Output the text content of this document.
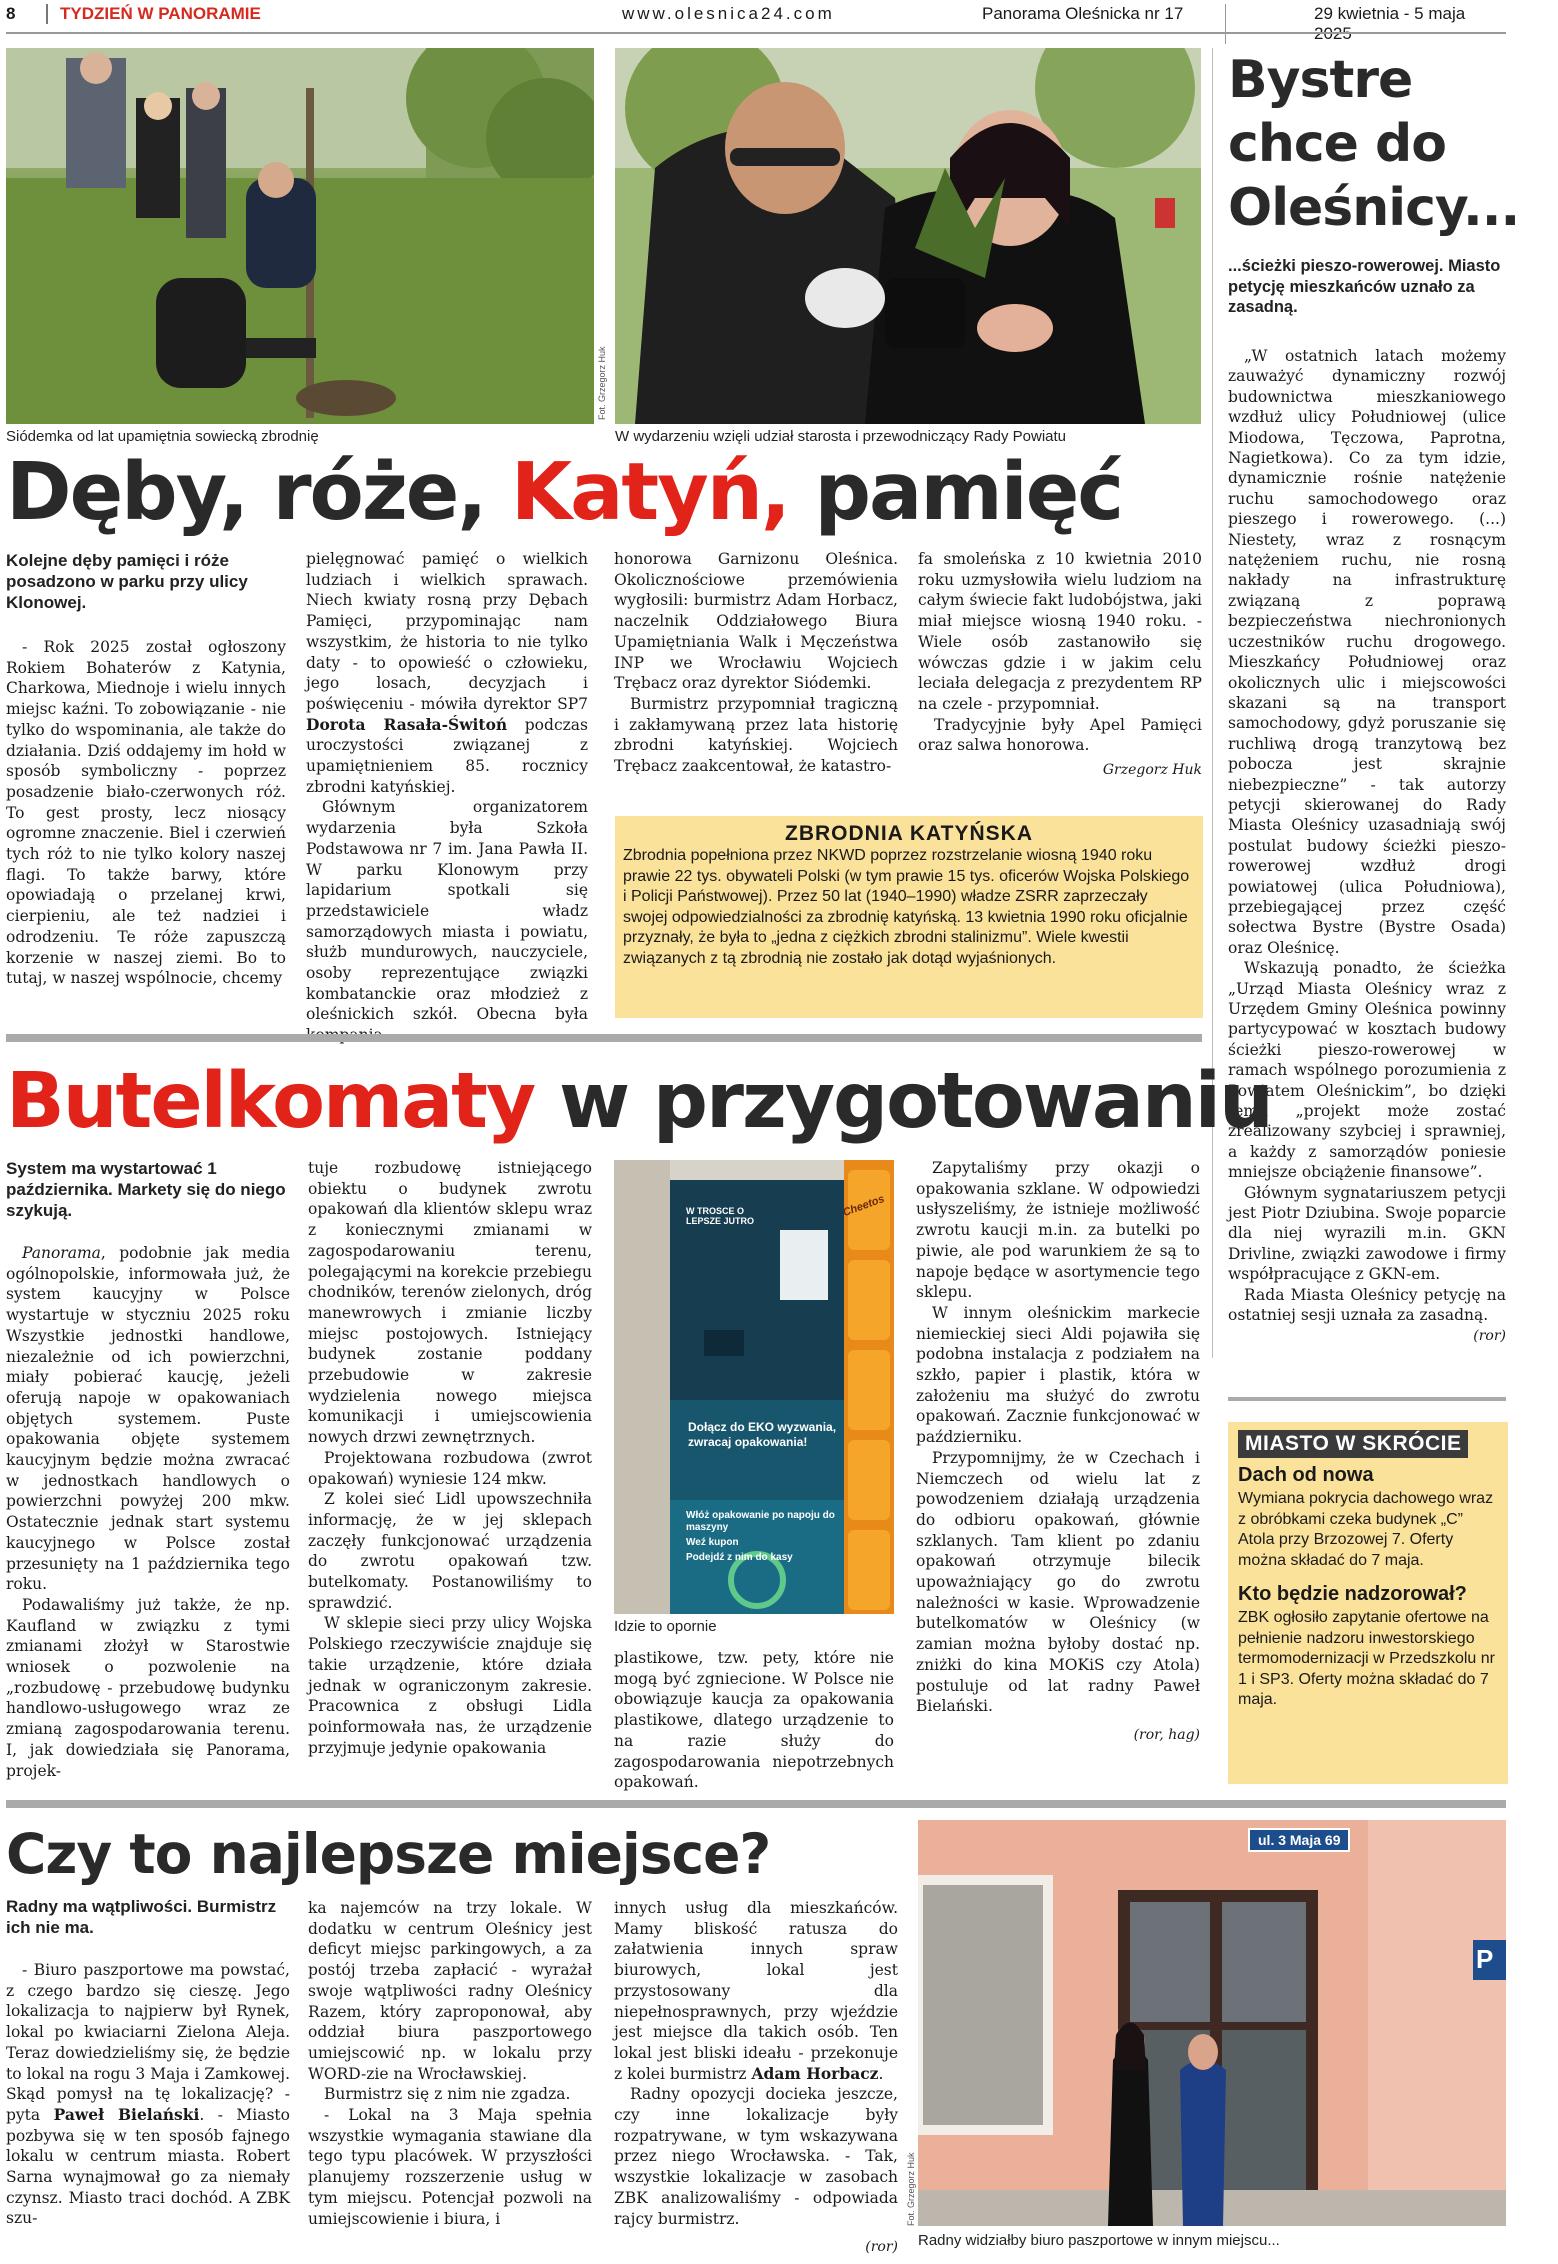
8	TYDZIEŃ W PANORAMIE	www.olesnica24.com	Panorama Oleśnicka nr 17	29 kwietnia - 5 maja
Fot. Grzegorz Huk
Siódemka od lat upamiętnia sowiecką zbrodnię	W wydarzeniu wzięli udział starosta i przewodniczący Rady Powiatu
Dęby, róże, Katyń, pamięć
Kolejne dęby pamięci i róże posadzono w parku przy ulicy Klonowej.

- Rok 2025 został ogłoszony Rokiem Bohaterów z Katynia, Charkowa, Miednoje i wielu innych miejsc kaźni. To zobowiązanie - nie tylko do wspominania, ale także do działania. Dziś oddajemy im hołd w sposób symboliczny - poprzez posadzenie biało-czerwonych róż. To gest prosty, lecz niosący ogromne znaczenie. Biel i czerwień tych róż to nie tylko kolory naszej flagi. To także barwy, które opowiadają o przelanej krwi, cierpieniu, ale też nadziei i odrodzeniu. Te róże zapuszczą korzenie w naszej ziemi. Bo to tutaj, w naszej wspólnocie, chcemy

pielęgnować pamięć o wielkich ludziach i wielkich sprawach. Niech kwiaty rosną przy Dębach Pamięci, przypominając nam wszystkim, że historia to nie tylko daty - to opowieść o człowieku, jego losach, decyzjach i poświęceniu - mówiła dyrektor SP7 Dorota Rasała-Świtoń podczas uroczystości związanej z upamiętnieniem 85. rocznicy zbrodni katyńskiej.

Głównym organizatorem wydarzenia była Szkoła Podstawowa nr 7 im. Jana Pawła II. W parku Klonowym przy lapidarium spotkali się przedstawiciele władz samorządowych miasta i powiatu, służb mundurowych, nauczyciele, osoby reprezentujące związki kombatanckie oraz młodzież z oleśnickich szkół. Obecna była

honorowa Garnizonu Oleśnica. Okolicznościowe przemówienia wygłosili: burmistrz Adam Horbacz, naczelnik Oddziałowego Biura Upamiętniania Walk i Męczeństwa INP we Wrocławiu Wojciech Trębacz oraz dyrektor Siódemki.

Burmistrz przypomniał tragiczną i zakłamywaną przez lata historię zbrodni katyńskiej. Wojciech Trębacz zaakcentował, że katastro-

fa smoleńska z 10 kwietnia 2010 roku uzmysłowiła wielu ludziom na całym świecie fakt ludobójstwa, jaki miał miejsce wiosną 1940 roku. - Wiele osób zastanowiło się wówczas gdzie i w jakim celu leciała delegacja z prezydentem RP na czele - przypomniał.

Tradycyjnie były Apel Pamięci oraz salwa honorowa.

Grzegorz Huk
ZBRODNIA KATYŃSKA
Zbrodnia popełniona przez NKWD poprzez rozstrzelanie wiosną 1940 roku prawie 22 tys. obywateli Polski (w tym prawie 15 tys. oficerów Wojska Polskiego i Policji Państwowej). Przez 50 lat (1940–1990) władze ZSRR zaprzeczały swojej odpowiedzialności za zbrodnię katyńską. 13 kwietnia 1990 roku oficjalnie przyznały, że była to „jedna z ciężkich zbrodni stalinizmu”. Wiele kwestii związanych z tą zbrodnią nie zostało jak dotąd wyjaśnionych.
Bystre chce do Oleśnicy...
...ścieżki pieszo-rowerowej. Miasto petycję mieszkańców uznało za zasadną.

„W ostatnich latach możemy zauważyć dynamiczny rozwój budownictwa mieszkaniowego wzdłuż ulicy Południowej (ulice Miodowa, Tęczowa, Paprotna, Nagietkowa). Co za tym idzie, dynamicznie rośnie natężenie ruchu samochodowego oraz pieszego i rowerowego. (...) Niestety, wraz z rosnącym natężeniem ruchu, nie rosną nakłady na infrastrukturę związaną z poprawą bezpieczeństwa niechronionych uczestników ruchu drogowego. Mieszkańcy Południowej oraz okolicznych ulic i miejscowości skazani są na transport samochodowy, gdyż poruszanie się ruchliwą drogą tranzytową bez pobocza jest skrajnie niebezpieczne” - tak autorzy petycji skierowanej do Rady Miasta Oleśnicy uzasadniają swój postulat budowy ścieżki pieszo- rowerowej wzdłuż drogi powiatowej (ulica Południowa), przebiegającej przez część sołectwa Bystre (Bystre Osada) oraz Oleśnicę.

Wskazują ponadto, że ścieżka „Urząd Miasta Oleśnicy wraz z Urzędem Gminy Oleśnica powinny partycypować w kosztach budowy ścieżki pieszo-rowerowej w ramach wspólnego porozumienia z Powiatem Oleśnickim”, bo dzięki temu „projekt może zostać zrealizowany szybciej i sprawniej, a każdy z samorządów poniesie mniejsze obciążenie finansowe”.

Głównym sygnatariuszem petycji jest Piotr Dziubina. Swoje poparcie dla niej wyrazili m.in. GKN Drivline, związki zawodowe i firmy współpracujące z GKN-em.

Rada Miasta Oleśnicy petycję na ostatniej sesji uznała za zasadną.

(ror)
MIASTO W SKRÓCIE
Dach od nowa
Wymiana pokrycia dachowego wraz z obróbkami czeka budynek „C” Atola przy Brzozowej 7. Oferty można składać do 7 maja.
Kto będzie nadzorował?
ZBK ogłosiło zapytanie ofertowe na pełnienie nadzoru inwestorskiego termomodernizacji w Przedszkolu nr 1 i SP3. Oferty można składać do 7 maja.
Butelkomaty w przygotowaniu
System ma wystartować 1 października. Markety się do niego szykują.

Panorama, podobnie jak media ogólnopolskie, informowała już, że system kaucyjny w Polsce wystartuje w styczniu 2025 roku Wszystkie jednostki handlowe, niezależnie od ich powierzchni, miały pobierać kaucję, jeżeli oferują napoje w opakowaniach objętych systemem. Puste opakowania objęte systemem kaucyjnym będzie można zwracać w jednostkach handlowych o powierzchni powyżej 200 mkw. Ostatecznie jednak start systemu kaucyjnego w Polsce został przesunięty na 1 października tego roku.

Podawaliśmy już także, że np. Kaufland w związku z tymi zmianami złożył w Starostwie wniosek o pozwolenie na „rozbudowę - przebudowę budynku handlowo-usługowego wraz ze zmianą zagospodarowania terenu. I, jak dowiedziała się Panorama, projek-

tuje rozbudowę istniejącego obiektu o budynek zwrotu opakowań dla klientów sklepu wraz z koniecznymi zmianami w zagospodarowaniu terenu, polegającymi na korekcie przebiegu chodników, terenów zielonych, dróg manewrowych i zmianie liczby miejsc postojowych. Istniejący budynek zostanie poddany przebudowie w zakresie wydzielenia nowego miejsca komunikacji i umiejscowienia nowych drzwi zewnętrznych.

Projektowana rozbudowa (zwrot opakowań) wyniesie 124 mkw.

Z kolei sieć Lidl upowszechniła informację, że w jej sklepach zaczęły funkcjonować urządzenia do zwrotu opakowań tzw. butelkomaty. Postanowiliśmy to sprawdzić.

W sklepie sieci przy ulicy Wojska Polskiego rzeczywiście znajduje się takie urządzenie, które działa jednak w ograniczonym zakresie. Pracownica z obsługi Lidla poinformowała nas, że urządzenie przyjmuje jedynie opakowania

W TROSCE O LEPSZE JUTRO
Dołącz do EKO wyzwania, zwracaj opakowania!
Włóż opakowanie po napoju do maszyny
Weź kupon
Podejdź z nim do kasy
Cheetos
Idzie to opornie

plastikowe, tzw. pety, które nie mogą być zgniecione. W Polsce nie obowiązuje kaucja za opakowania plastikowe, dlatego urządzenie to na razie służy do zagospodarowania niepotrzebnych opakowań.

Zapytaliśmy przy okazji o opakowania szklane. W odpowiedzi usłyszeliśmy, że istnieje możliwość zwrotu kaucji m.in. za butelki po piwie, ale pod warunkiem że są to napoje będące w asortymencie tego sklepu.

W innym oleśnickim markecie niemieckiej sieci Aldi pojawiła się podobna instalacja z podziałem na szkło, papier i plastik, która w założeniu ma służyć do zwrotu opakowań. Zacznie funkcjonować w październiku.

Przypomnijmy, że w Czechach i Niemczech od wielu lat z powodzeniem działają urządzenia do odbioru opakowań, głównie szklanych. Tam klient po zdaniu opakowań otrzymuje bilecik upoważniający go do zwrotu należności w kasie. Wprowadzenie butelkomatów w Oleśnicy (w zamian można byłoby dostać np. zniżki do kina MOKiS czy Atola) postuluje od lat radny Paweł Bielański.

(ror, hag)
Czy to najlepsze miejsce?
Radny ma wątpliwości. Burmistrz ich nie ma.

- Biuro paszportowe ma powstać, z czego bardzo się cieszę. Jego lokalizacja to najpierw był Rynek, lokal po kwiaciarni Zielona Aleja. Teraz dowiedzieliśmy się, że będzie to lokal na rogu 3 Maja i Zamkowej. Skąd pomysł na tę lokalizację? - pyta Paweł Bielański. - Miasto pozbywa się w ten sposób fajnego lokalu w centrum miasta. Robert Sarna wynajmował go za niemały czynsz. Miasto traci dochód. A ZBK szu-

ka najemców na trzy lokale. W dodatku w centrum Oleśnicy jest deficyt miejsc parkingowych, a za postój trzeba zapłacić - wyrażał swoje wątpliwości radny Oleśnicy Razem, który zaproponował, aby oddział biura paszportowego umiejscowić np. w lokalu przy WORD-zie na Wrocławskiej.

Burmistrz się z nim nie zgadza.

- Lokal na 3 Maja spełnia wszystkie wymagania stawiane dla tego typu placówek. W przyszłości planujemy rozszerzenie usług w tym miejscu. Potencjał pozwoli na umiejscowienie i biura, i

innych usług dla mieszkańców. Mamy bliskość ratusza do załatwienia innych spraw biurowych, lokal jest przystosowany dla niepełnosprawnych, przy wjeździe jest miejsce dla takich osób. Ten lokal jest bliski ideału - przekonuje z kolei burmistrz Adam Horbacz.

Radny opozycji docieka jeszcze, czy inne lokalizacje były rozpatrywane, w tym wskazywana przez niego Wrocławska. - Tak, wszystkie lokalizacje w zasobach ZBK analizowaliśmy - odpowiada rajcy burmistrz.

(ror)
ul. 3 Maja 69
P
Fot. Grzegorz Huk
Radny widziałby biuro paszportowe w innym miejscu...
